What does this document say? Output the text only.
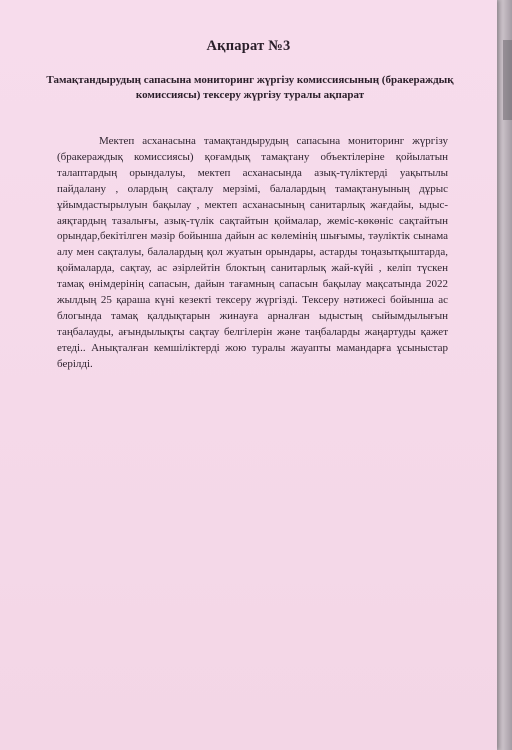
Ақпарат №3
Тамақтандырудың сапасына мониторинг жүргізу комиссиясының (бракераждық комиссиясы) тексеру жүргізу туралы ақпарат

Мектеп асханасына тамақтандырудың сапасына мониторинг жүргізу (бракераждық комиссиясы) қоғамдық тамақтану объектілеріне қойылатын талаптардың орындалуы, мектеп асханасында азық-түліктерді уақытылы пайдалану , олардың сақталу мерзімі, балалардың тамақтануының дұрыс ұйымдастырылуын бақылау , мектеп асханасының санитарлық жағдайы, ыдыс-аяқтардың тазалығы, азық-түлік сақтайтын қоймалар, жеміс-көкөніс сақтайтын орындар,бекітілген мәзір бойынша дайын ас көлемінің шығымы, тәуліктік сынама алу мен сақталуы, балалардың қол жуатын орындары, астарды тоңазытқыштарда, қоймаларда, сақтау, ас әзірлейтін блоктың санитарлық жай-күйі , келіп түскен тамақ өнімдерінің сапасын, дайын тағамның сапасын бақылау мақсатында 2022 жылдың 25 қараша күні кезекті тексеру жүргізді. Тексеру нәтижесі бойынша ас блогында тамақ қалдықтарын жинауға арналған ыдыстың сыйымдылығын таңбалауды, ағындылықты сақтау белгілерін және таңбаларды жаңартуды қажет етеді.. Анықталған кемшіліктерді жою туралы жауапты мамандарға ұсыныстар берілді.
